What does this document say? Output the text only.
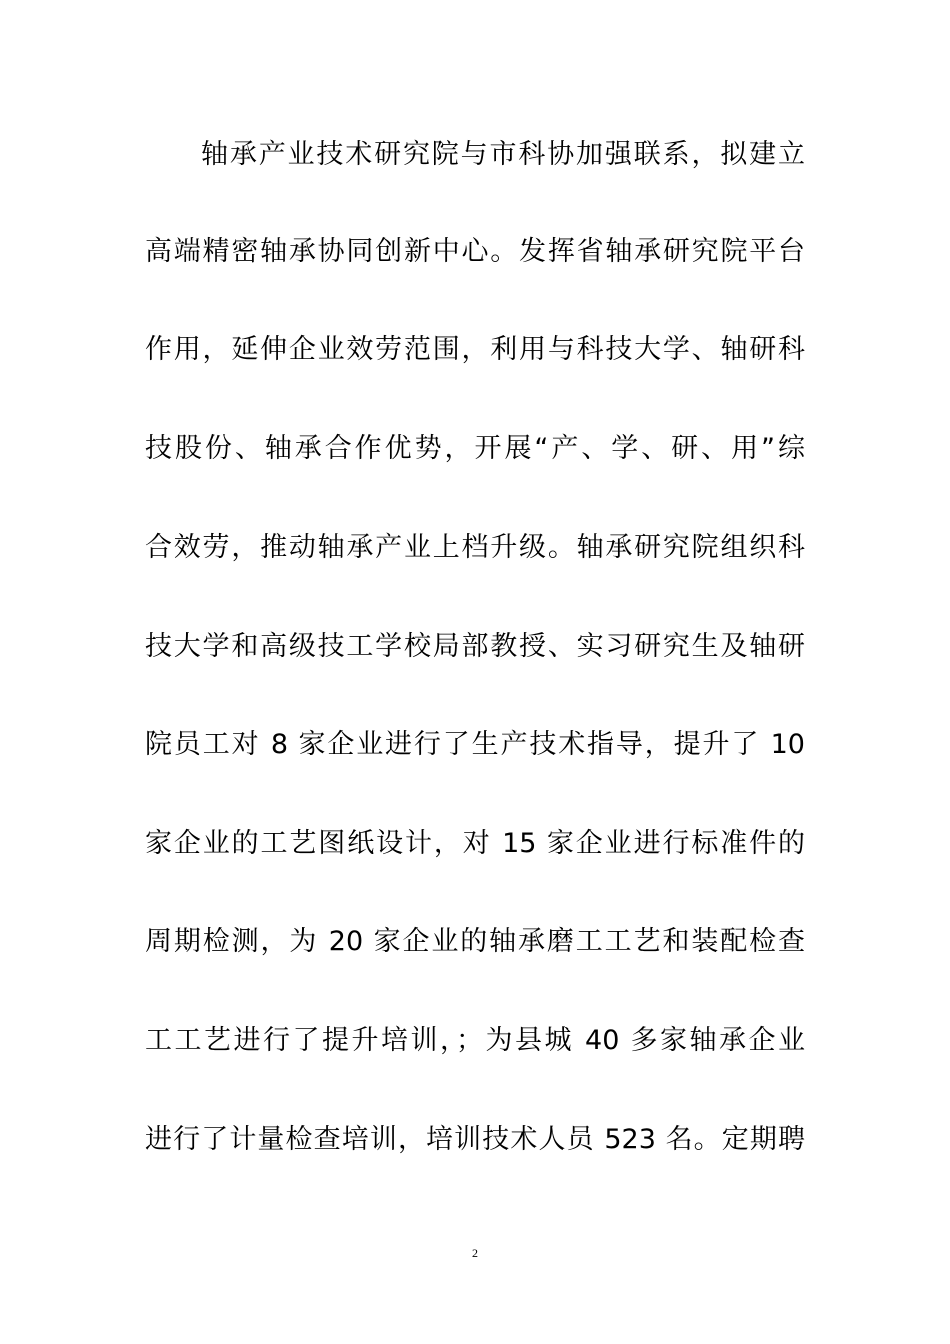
轴承产业技术研究院与市科协加强联系，拟建立
高端精密轴承协同创新中心。发挥省轴承研究院平台
作用，延伸企业效劳范围，利用与科技大学、轴研科
技股份、轴承合作优势，开展“产、学、研、用”综
合效劳，推动轴承产业上档升级。轴承研究院组织科
技大学和高级技工学校局部教授、实习研究生及轴研
院员工对 8 家企业进行了生产技术指导，提升了 10
家企业的工艺图纸设计，对 15 家企业进行标准件的
周期检测，为 20 家企业的轴承磨工工艺和装配检查
工工艺进行了提升培训，；为县城 40 多家轴承企业
进行了计量检查培训，培训技术人员 523 名。定期聘
2
